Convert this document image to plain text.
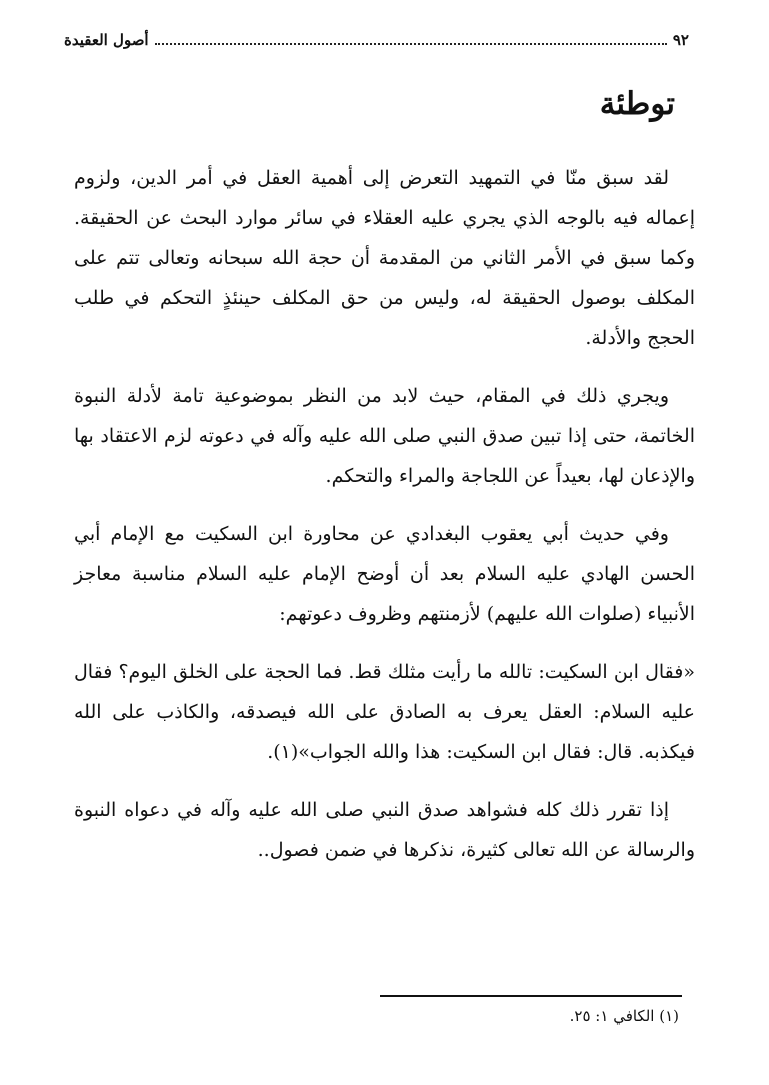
٩٢
أصول العقيدة
توطئة

لقد سبق منّا في التمهيد التعرض إلى أهمية العقل في أمر الدين، ولزوم إعماله فيه بالوجه الذي يجري عليه العقلاء في سائر موارد البحث عن الحقيقة. وكما سبق في الأمر الثاني من المقدمة أن حجة الله سبحانه وتعالى تتم على المكلف بوصول الحقيقة له، وليس من حق المكلف حينئذٍ التحكم في طلب الحجج والأدلة.

ويجري ذلك في المقام، حيث لابد من النظر بموضوعية تامة لأدلة النبوة الخاتمة، حتى إذا تبين صدق النبي صلى الله عليه وآله في دعوته لزم الاعتقاد بها والإذعان لها، بعيداً عن اللجاجة والمراء والتحكم.

وفي حديث أبي يعقوب البغدادي عن محاورة ابن السكيت مع الإمام أبي الحسن الهادي عليه السلام بعد أن أوضح الإمام عليه السلام مناسبة معاجز الأنبياء (صلوات الله عليهم) لأزمنتهم وظروف دعوتهم:

«فقال ابن السكيت: تالله ما رأيت مثلك قط. فما الحجة على الخلق اليوم؟ فقال عليه السلام: العقل يعرف به الصادق على الله فيصدقه، والكاذب على الله فيكذبه. قال: فقال ابن السكيت: هذا والله الجواب»(١).

إذا تقرر ذلك كله فشواهد صدق النبي صلى الله عليه وآله في دعواه النبوة والرسالة عن الله تعالى كثيرة، نذكرها في ضمن فصول..

(١) الكافي ١: ٢٥.
